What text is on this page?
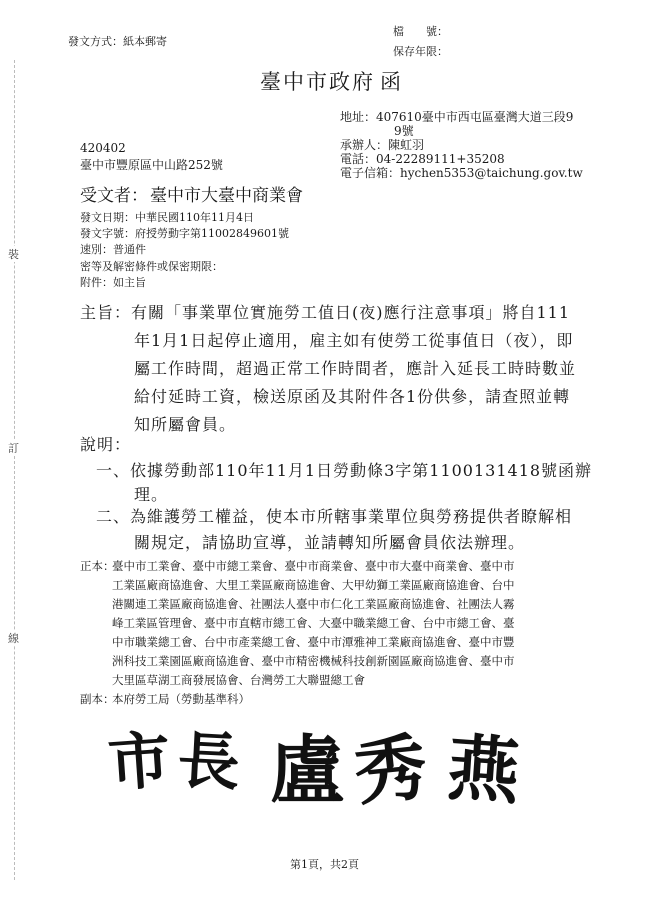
裝
訂
線
發文方式：紙本郵寄
檔　　號：
保存年限：
臺中市政府 函
地址：407610臺中市西屯區臺灣大道三段9
9號
承辦人：陳虹羽
電話：04-22289111+35208
電子信箱：hychen5353@taichung.gov.tw
420402
臺中市豐原區中山路252號
受文者： 臺中市大臺中商業會
發文日期：中華民國110年11月4日
發文字號：府授勞動字第11002849601號
速別：普通件
密等及解密條件或保密期限：
附件：如主旨
主旨：有關「事業單位實施勞工值日(夜)應行注意事項」將自111
年1月1日起停止適用，雇主如有使勞工從事值日（夜），即
屬工作時間，超過正常工作時間者，應計入延長工時時數並
給付延時工資，檢送原函及其附件各1份供參，請查照並轉
知所屬會員。
說明：
一、依據勞動部110年11月1日勞動條3字第1100131418號函辦
理。
二、為維護勞工權益，使本市所轄事業單位與勞務提供者瞭解相
關規定，請協助宣導，並請轉知所屬會員依法辦理。
正本：
臺中市工業會、臺中市總工業會、臺中市商業會、臺中市大臺中商業會、臺中市
工業區廠商協進會、大里工業區廠商協進會、大甲幼獅工業區廠商協進會、台中
港關連工業區廠商協進會、社團法人臺中市仁化工業區廠商協進會、社團法人霧
峰工業區管理會、臺中市直轄市總工會、大臺中職業總工會、台中市總工會、臺
中市職業總工會、台中市產業總工會、臺中市潭雅神工業廠商協進會、臺中市豐
洲科技工業園區廠商協進會、臺中市精密機械科技創新園區廠商協進會、臺中市
大里區草湖工商發展協會、台灣勞工大聯盟總工會
副本：
本府勞工局（勞動基準科）
市 長 盧 秀 燕
第1頁，共2頁
